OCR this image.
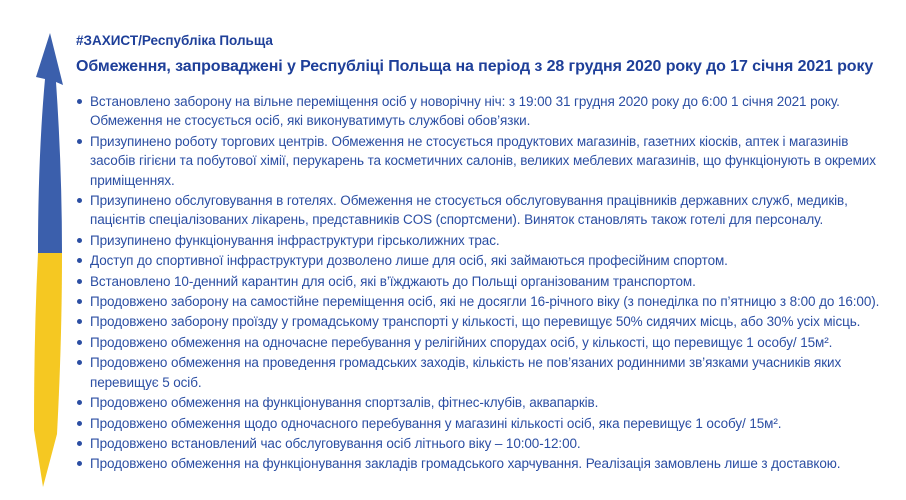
#ЗАХИСТ/Республіка Польща
Обмеження, запроваджені у Республіці Польща на період з 28 грудня 2020 року до 17 січня 2021 року
Встановлено заборону на вільне переміщення осіб у новорічну ніч: з 19:00 31 грудня 2020 року до 6:00 1 січня 2021 року. Обмеження не стосується осіб, які виконуватимуть службові обов’язки.
Призупинено роботу торгових центрів. Обмеження не стосується продуктових магазинів, газетних кіосків, аптек і магазинів засобів гігієни та побутової хімії, перукарень та косметичних салонів, великих меблевих магазинів, що функціонують в окремих приміщеннях.
Призупинено обслуговування в готелях. Обмеження не стосується обслуговування працівників державних служб, медиків, пацієнтів спеціалізованих лікарень, представників COS (спортсмени). Виняток становлять також готелі для персоналу.
Призупинено функціонування інфраструктури гірськолижних трас.
Доступ до спортивної інфраструктури дозволено лише для осіб, які займаються професійним спортом.
Встановлено 10-денний карантин для осіб, які в’їжджають до Польщі організованим транспортом.
Продовжено заборону на самостійне переміщення осіб, які не досягли 16-річного віку (з понеділка по п’ятницю з 8:00 до 16:00).
Продовжено заборону проїзду у громадському транспорті у кількості, що перевищує 50% сидячих місць, або 30% усіх місць.
Продовжено обмеження на одночасне перебування у релігійних спорудах осіб, у кількості, що перевищує 1 особу/ 15м².
Продовжено обмеження на проведення громадських заходів, кількість не пов’язаних родинними зв’язками учасників яких перевищує 5 осіб.
Продовжено обмеження на функціонування спортзалів, фітнес-клубів, аквапарків.
Продовжено обмеження щодо одночасного перебування у магазині кількості осіб, яка перевищує 1 особу/ 15м².
Продовжено встановлений час обслуговування осіб літнього віку – 10:00-12:00.
Продовжено обмеження на функціонування закладів громадського харчування. Реалізація замовлень лише з доставкою.
